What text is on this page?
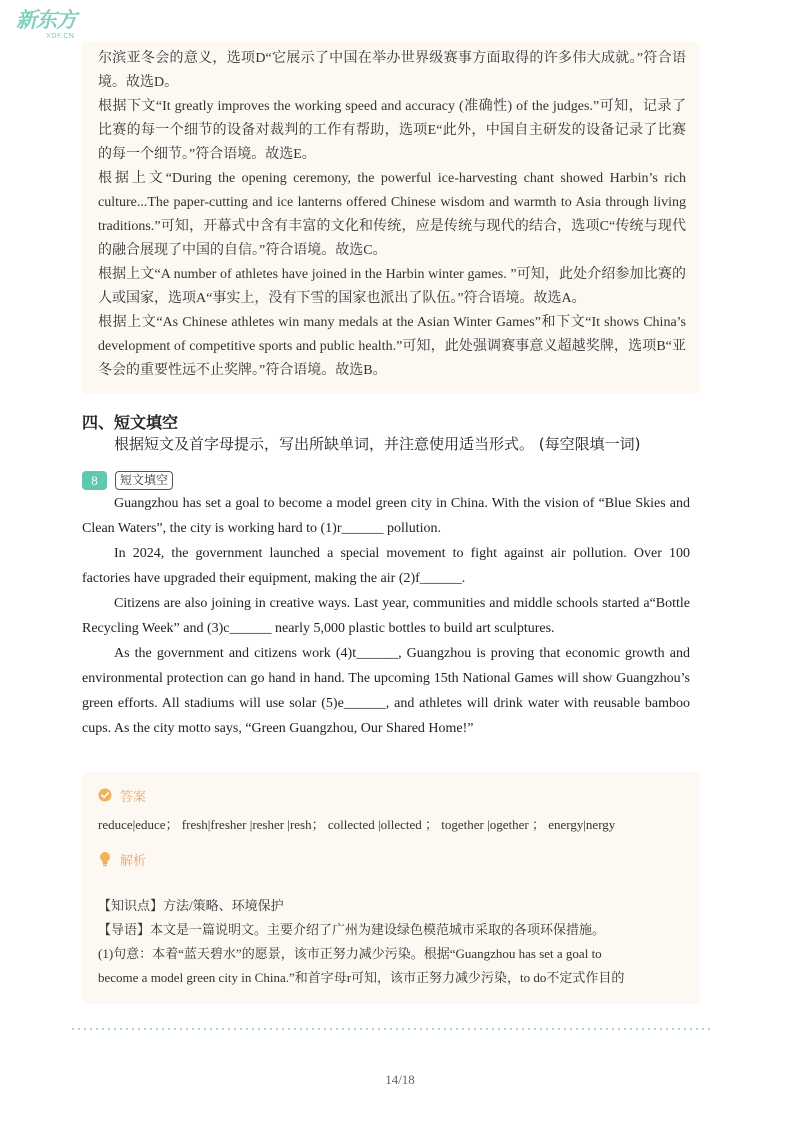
新东方
XDF.CN

尔滨亚冬会的意义，选项D“它展示了中国在举办世界级赛事方面取得的许多伟大成就。”符合语境。故选D。

根据下文“It greatly improves the working speed and accuracy (准确性) of the judges.”可知，记录了比赛的每一个细节的设备对裁判的工作有帮助，选项E“此外，中国自主研发的设备记录了比赛的每一个细节。”符合语境。故选E。

根据上文“During the opening ceremony, the powerful ice-harvesting chant showed Harbin’s rich culture...The paper-cutting and ice lanterns offered Chinese wisdom and warmth to Asia through living traditions.”可知，开幕式中含有丰富的文化和传统，应是传统与现代的结合，选项C“传统与现代的融合展现了中国的自信。”符合语境。故选C。

根据上文“A number of athletes have joined in the Harbin winter games. ”可知，此处介绍参加比赛的人或国家，选项A“事实上，没有下雪的国家也派出了队伍。”符合语境。故选A。

根据上文“As Chinese athletes win many medals at the Asian Winter Games”和下文“It shows China’s development of competitive sports and public health.”可知，此处强调赛事意义超越奖牌，选项B“亚冬会的重要性远不止奖牌。”符合语境。故选B。

四、短文填空
根据短文及首字母提示，写出所缺单词，并注意使用适当形式。 (每空限填一词)
8	短文填空

Guangzhou has set a goal to become a model green city in China. With the vision of “Blue Skies and Clean Waters”, the city is working hard to (1)r______ pollution.

In 2024, the government launched a special movement to fight against air pollution. Over 100 factories have upgraded their equipment, making the air (2)f______.

Citizens are also joining in creative ways. Last year, communities and middle schools started a“Bottle Recycling Week” and (3)c______ nearly 5,000 plastic bottles to build art sculptures.

As the government and citizens work (4)t______, Guangzhou is proving that economic growth and environmental protection can go hand in hand. The upcoming 15th National Games will show Guangzhou’s green efforts. All stadiums will use solar (5)e______, and athletes will drink water with reusable bamboo cups. As the city motto says, “Green Guangzhou, Our Shared Home!”

答案
reduce|educe； fresh|fresher |resher |resh； collected |ollected ； together |ogether ； energy|nergy
解析
【知识点】方法/策略、环境保护
【导语】本文是一篇说明文。主要介绍了广州为建设绿色模范城市采取的各项环保措施。
(1)句意：本着“蓝天碧水”的愿景，该市正努力减少污染。根据“Guangzhou has set a goal to
become a model green city in China.”和首字母r可知，该市正努力减少污染，to do不定式作目的
14/18
